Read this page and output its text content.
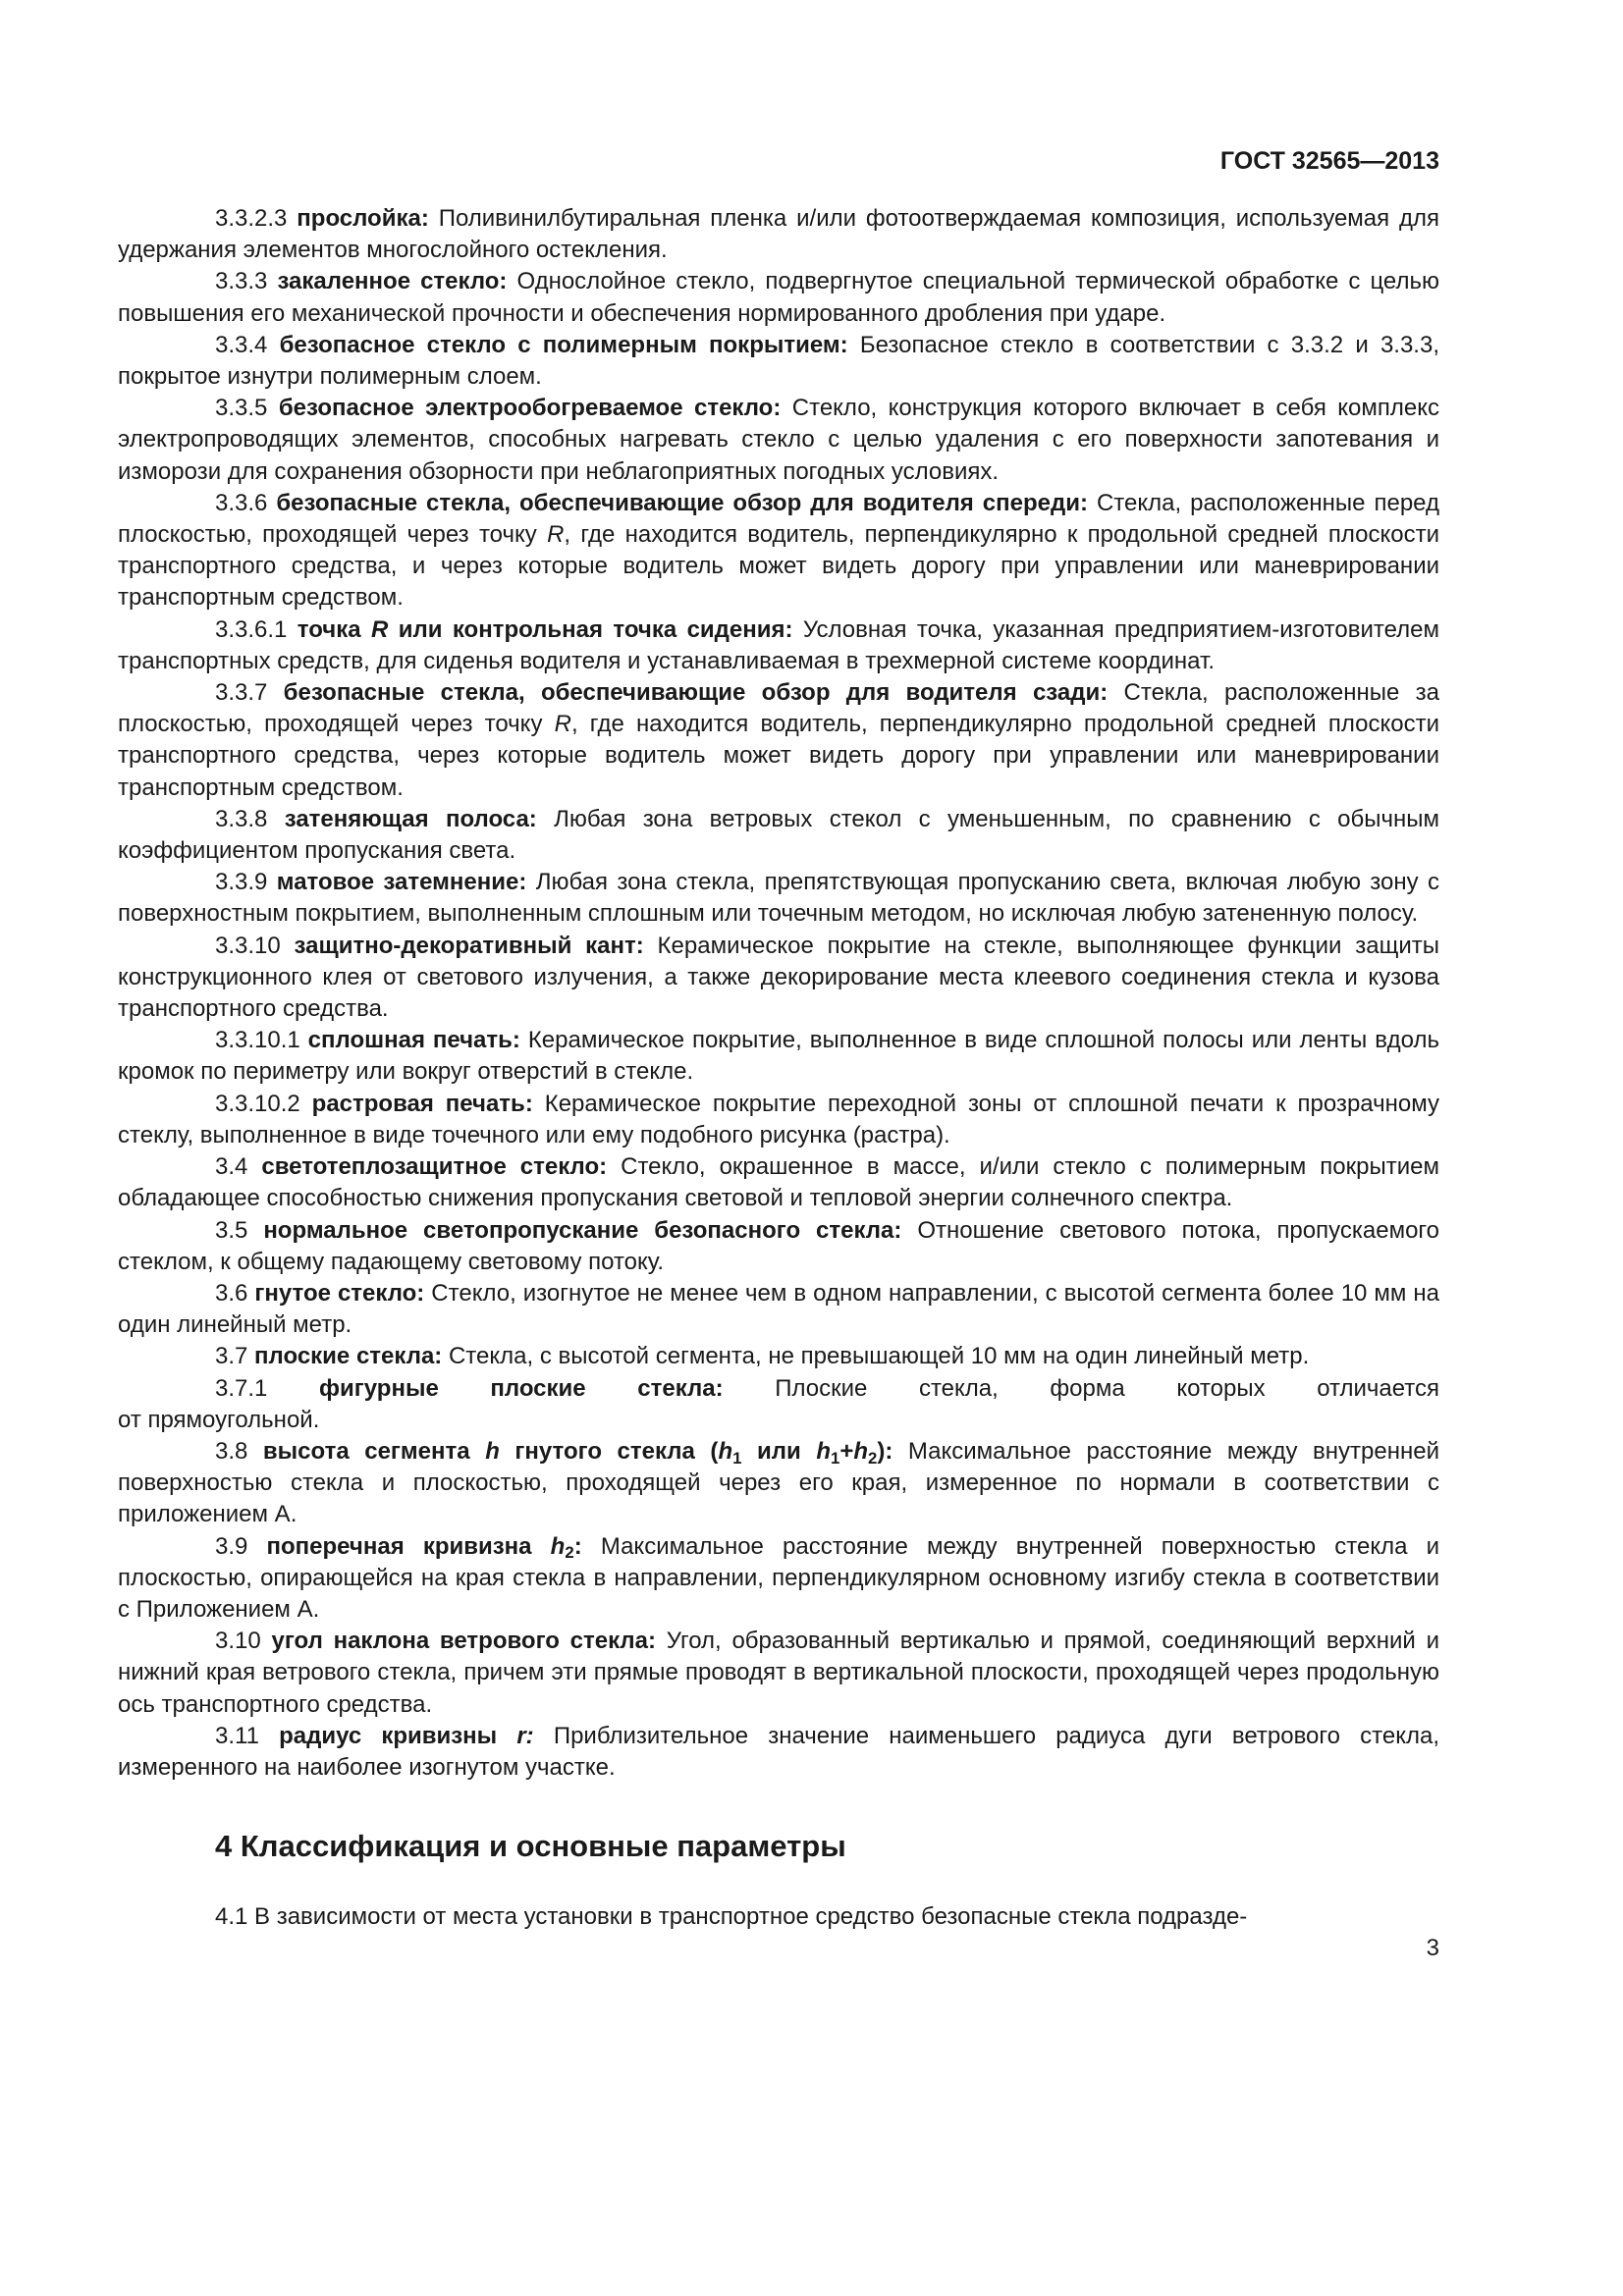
ГОСТ 32565—2013

3.3.2.3 прослойка: Поливинилбутиральная пленка и/или фотоотверждаемая композиция, используемая для удержания элементов многослойного остекления.

3.3.3 закаленное стекло: Однослойное стекло, подвергнутое специальной термической обработке с целью повышения его механической прочности и обеспечения нормированного дробления при ударе.

3.3.4 безопасное стекло с полимерным покрытием: Безопасное стекло в соответствии с 3.3.2 и 3.3.3, покрытое изнутри полимерным слоем.

3.3.5 безопасное электрообогреваемое стекло: Стекло, конструкция которого включает в себя комплекс электропроводящих элементов, способных нагревать стекло с целью удаления с его поверхности запотевания и изморози для сохранения обзорности при неблагоприятных погодных условиях.

3.3.6 безопасные стекла, обеспечивающие обзор для водителя спереди: Стекла, расположенные перед плоскостью, проходящей через точку R, где находится водитель, перпендикулярно к продольной средней плоскости транспортного средства, и через которые водитель может видеть дорогу при управлении или маневрировании транспортным средством.

3.3.6.1 точка R или контрольная точка сидения: Условная точка, указанная предприятием-изготовителем транспортных средств, для сиденья водителя и устанавливаемая в трехмерной системе координат.

3.3.7 безопасные стекла, обеспечивающие обзор для водителя сзади: Стекла, расположенные за плоскостью, проходящей через точку R, где находится водитель, перпендикулярно продольной средней плоскости транспортного средства, через которые водитель может видеть дорогу при управлении или маневрировании транспортным средством.

3.3.8 затеняющая полоса: Любая зона ветровых стекол с уменьшенным, по сравнению с обычным коэффициентом пропускания света.

3.3.9 матовое затемнение: Любая зона стекла, препятствующая пропусканию света, включая любую зону с поверхностным покрытием, выполненным сплошным или точечным методом, но исключая любую затененную полосу.

3.3.10 защитно-декоративный кант: Керамическое покрытие на стекле, выполняющее функции защиты конструкционного клея от светового излучения, а также декорирование места клеевого соединения стекла и кузова транспортного средства.

3.3.10.1 сплошная печать: Керамическое покрытие, выполненное в виде сплошной полосы или ленты вдоль кромок по периметру или вокруг отверстий в стекле.

3.3.10.2 растровая печать: Керамическое покрытие переходной зоны от сплошной печати к прозрачному стеклу, выполненное в виде точечного или ему подобного рисунка (растра).

3.4 светотеплозащитное стекло: Стекло, окрашенное в массе, и/или стекло с полимерным покрытием обладающее способностью снижения пропускания световой и тепловой энергии солнечного спектра.

3.5 нормальное светопропускание безопасного стекла: Отношение светового потока, пропускаемого стеклом, к общему падающему световому потоку.

3.6 гнутое стекло: Стекло, изогнутое не менее чем в одном направлении, с высотой сегмента более 10 мм на один линейный метр.

3.7 плоские стекла: Стекла, с высотой сегмента, не превышающей 10 мм на один линейный метр.

3.7.1 фигурные плоские стекла: Плоские стекла, форма которых отличается

от прямоугольной.

3.8 высота сегмента h гнутого стекла ($h_1$ или $h_1+h_2$): Максимальное расстояние между внутренней поверхностью стекла и плоскостью, проходящей через его края, измеренное по нормали в соответствии с приложением А.

3.9 поперечная кривизна $h_2$: Максимальное расстояние между внутренней поверхностью стекла и плоскостью, опирающейся на края стекла в направлении, перпендикулярном основному изгибу стекла в соответствии с Приложением А.

3.10 угол наклона ветрового стекла: Угол, образованный вертикалью и прямой, соединяющий верхний и нижний края ветрового стекла, причем эти прямые проводят в вертикальной плоскости, проходящей через продольную ось транспортного средства.

3.11 радиус кривизны r: Приблизительное значение наименьшего радиуса дуги ветрового стекла, измеренного на наиболее изогнутом участке.

4 Классификация и основные параметры

4.1 В зависимости от места установки в транспортное средство безопасные стекла подразде-

3
